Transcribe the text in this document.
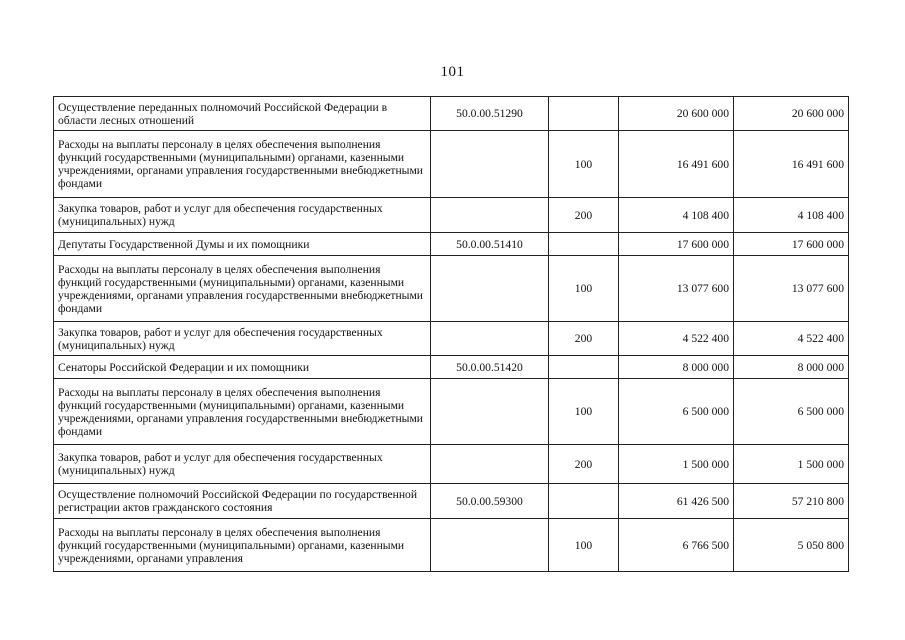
101
Осуществление переданных полномочий Российской Федерации в области лесных отношений	50.0.00.51290		20 600 000	20 600 000
Расходы на выплаты персоналу в целях обеспечения выполнения функций государственными (муниципальными) органами, казенными учреждениями, органами управления государственными внебюджетными фондами		100	16 491 600	16 491 600
Закупка товаров, работ и услуг для обеспечения государственных (муниципальных) нужд		200	4 108 400	4 108 400
Депутаты Государственной Думы и их помощники	50.0.00.51410		17 600 000	17 600 000
Расходы на выплаты персоналу в целях обеспечения выполнения функций государственными (муниципальными) органами, казенными учреждениями, органами управления государственными внебюджетными фондами		100	13 077 600	13 077 600
Закупка товаров, работ и услуг для обеспечения государственных (муниципальных) нужд		200	4 522 400	4 522 400
Сенаторы Российской Федерации и их помощники	50.0.00.51420		8 000 000	8 000 000
Расходы на выплаты персоналу в целях обеспечения выполнения функций государственными (муниципальными) органами, казенными учреждениями, органами управления государственными внебюджетными фондами		100	6 500 000	6 500 000
Закупка товаров, работ и услуг для обеспечения государственных (муниципальных) нужд		200	1 500 000	1 500 000
Осуществление полномочий Российской Федерации по государственной регистрации актов гражданского состояния	50.0.00.59300		61 426 500	57 210 800
Расходы на выплаты персоналу в целях обеспечения выполнения функций государственными (муниципальными) органами, казенными учреждениями, органами управления		100	6 766 500	5 050 800
